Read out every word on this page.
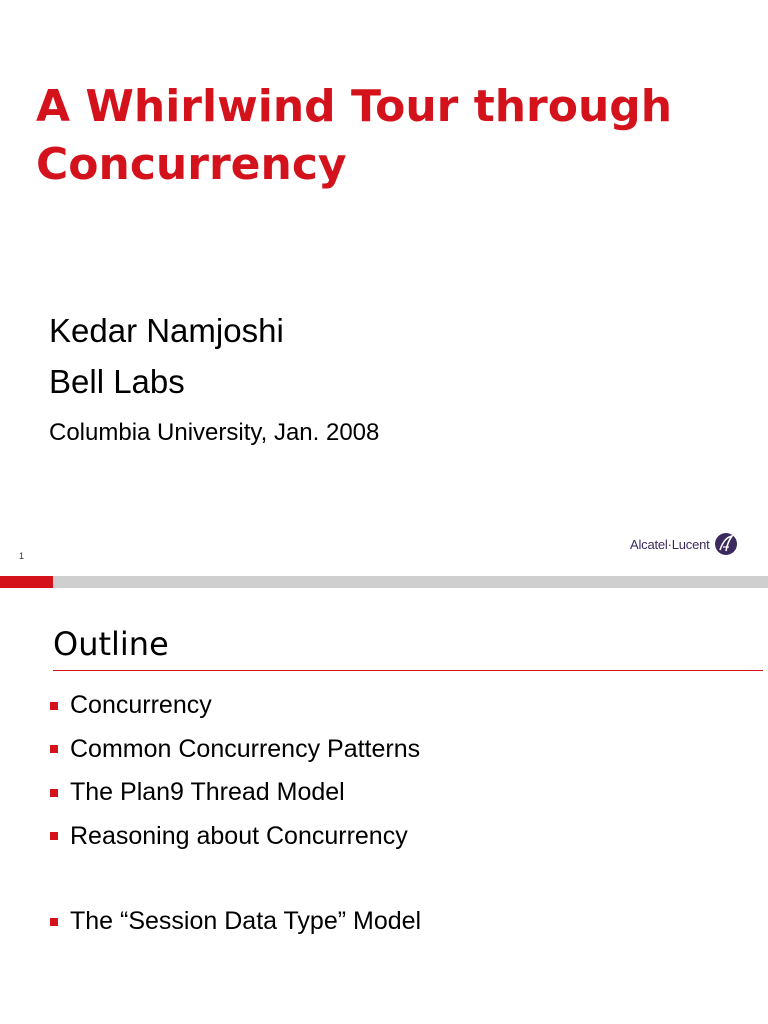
A Whirlwind Tour through
Concurrency
Kedar Namjoshi
Bell Labs
Columbia University, Jan. 2008
1
Alcatel·Lucent
Outline
Concurrency
Common Concurrency Patterns
The Plan9 Thread Model
Reasoning about Concurrency
The “Session Data Type” Model
